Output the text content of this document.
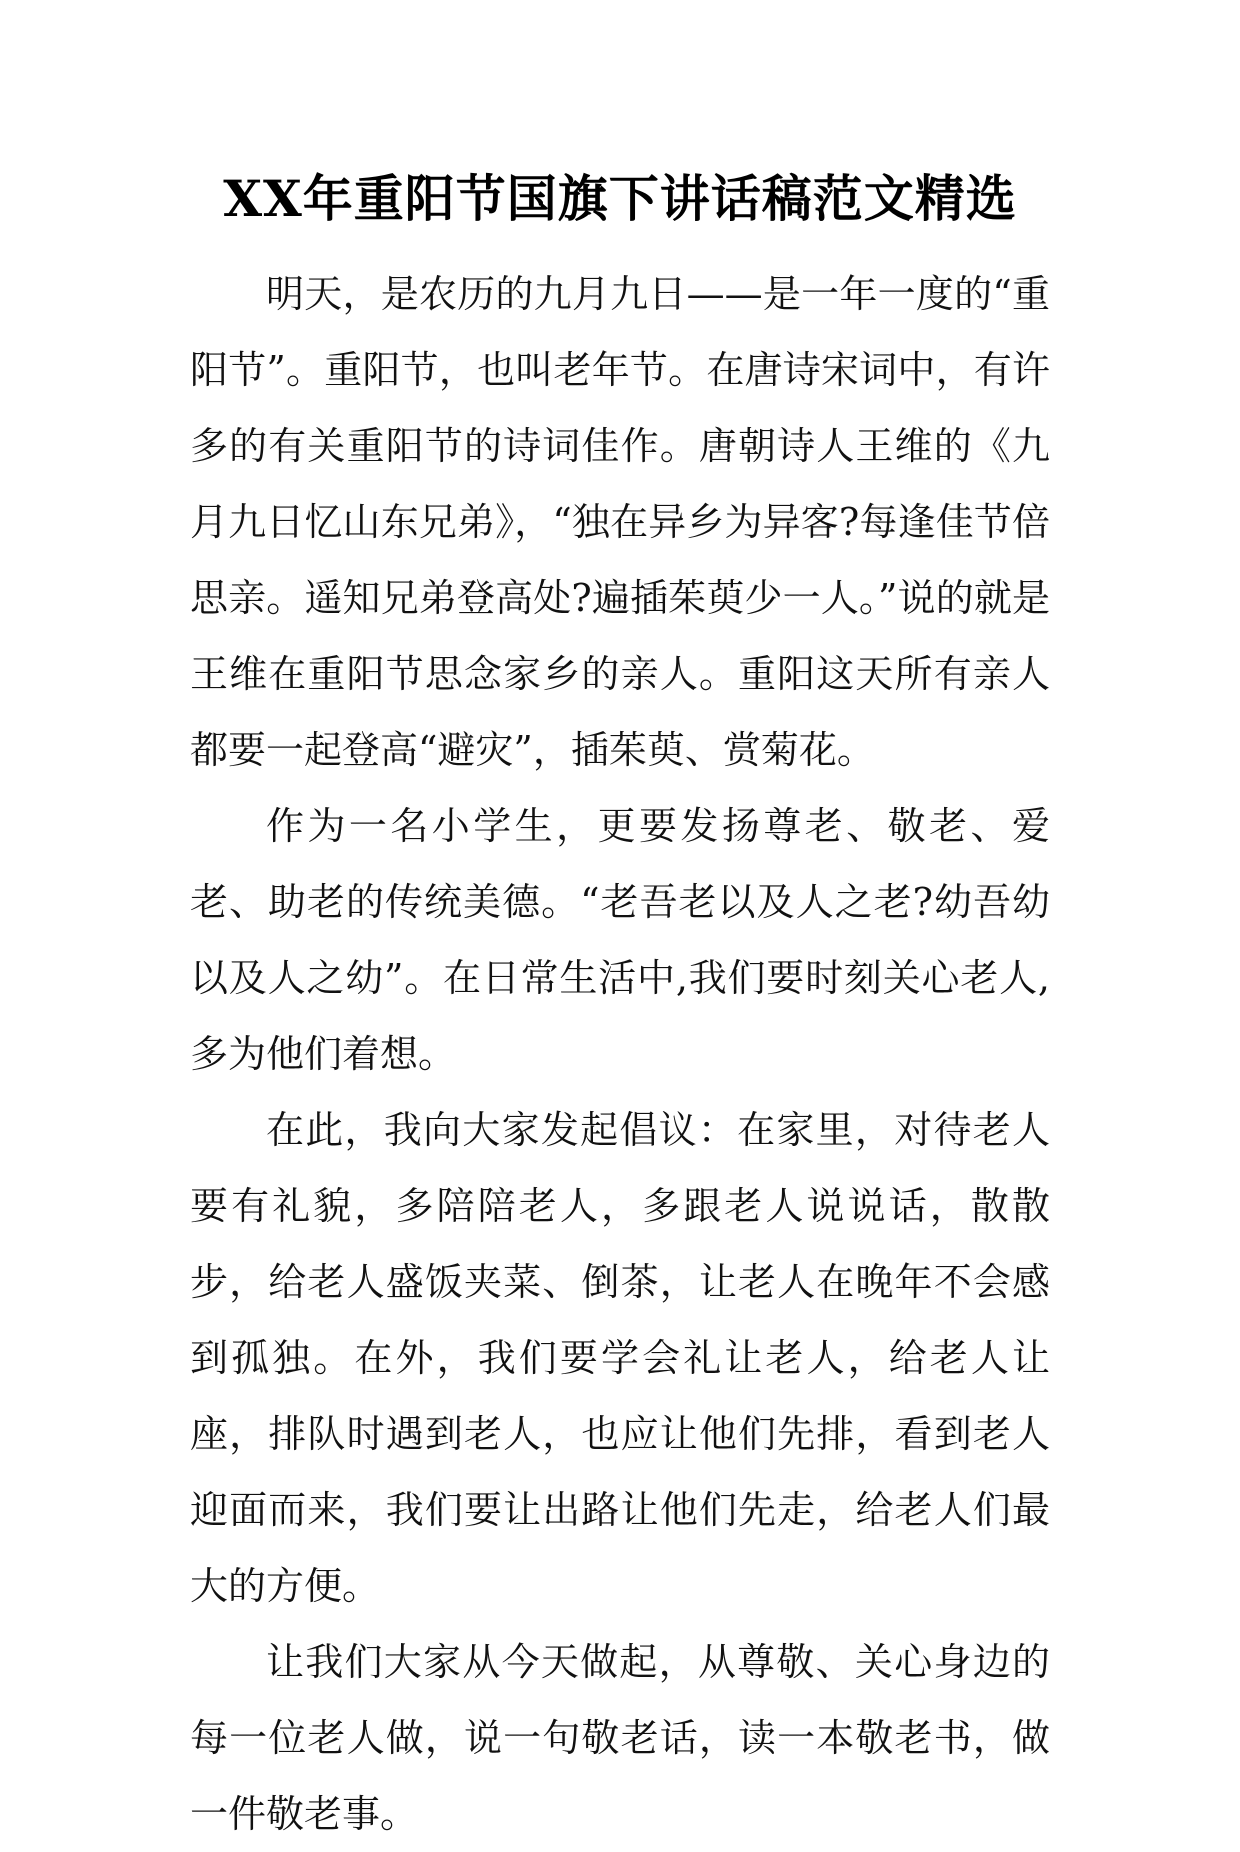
XX年重阳节国旗下讲话稿范文精选

明天，是农历的九月九日——是一年一度的“重阳节”。重阳节，也叫老年节。在唐诗宋词中，有许多的有关重阳节的诗词佳作。唐朝诗人王维的《九月九日忆山东兄弟》，“独在异乡为异客?每逢佳节倍思亲。遥知兄弟登高处?遍插茱萸少一人。”说的就是王维在重阳节思念家乡的亲人。重阳这天所有亲人都要一起登高“避灾”，插茱萸、赏菊花。

作为一名小学生，更要发扬尊老、敬老、爱老、助老的传统美德。“老吾老以及人之老?幼吾幼以及人之幼”。在日常生活中,我们要时刻关心老人, 多为他们着想。

在此，我向大家发起倡议：在家里，对待老人要有礼貌，多陪陪老人，多跟老人说说话，散散步，给老人盛饭夹菜、倒茶，让老人在晚年不会感到孤独。在外，我们要学会礼让老人，给老人让座，排队时遇到老人，也应让他们先排，看到老人迎面而来，我们要让出路让他们先走，给老人们最大的方便。

让我们大家从今天做起，从尊敬、关心身边的每一位老人做，说一句敬老话，读一本敬老书，做一件敬老事。
